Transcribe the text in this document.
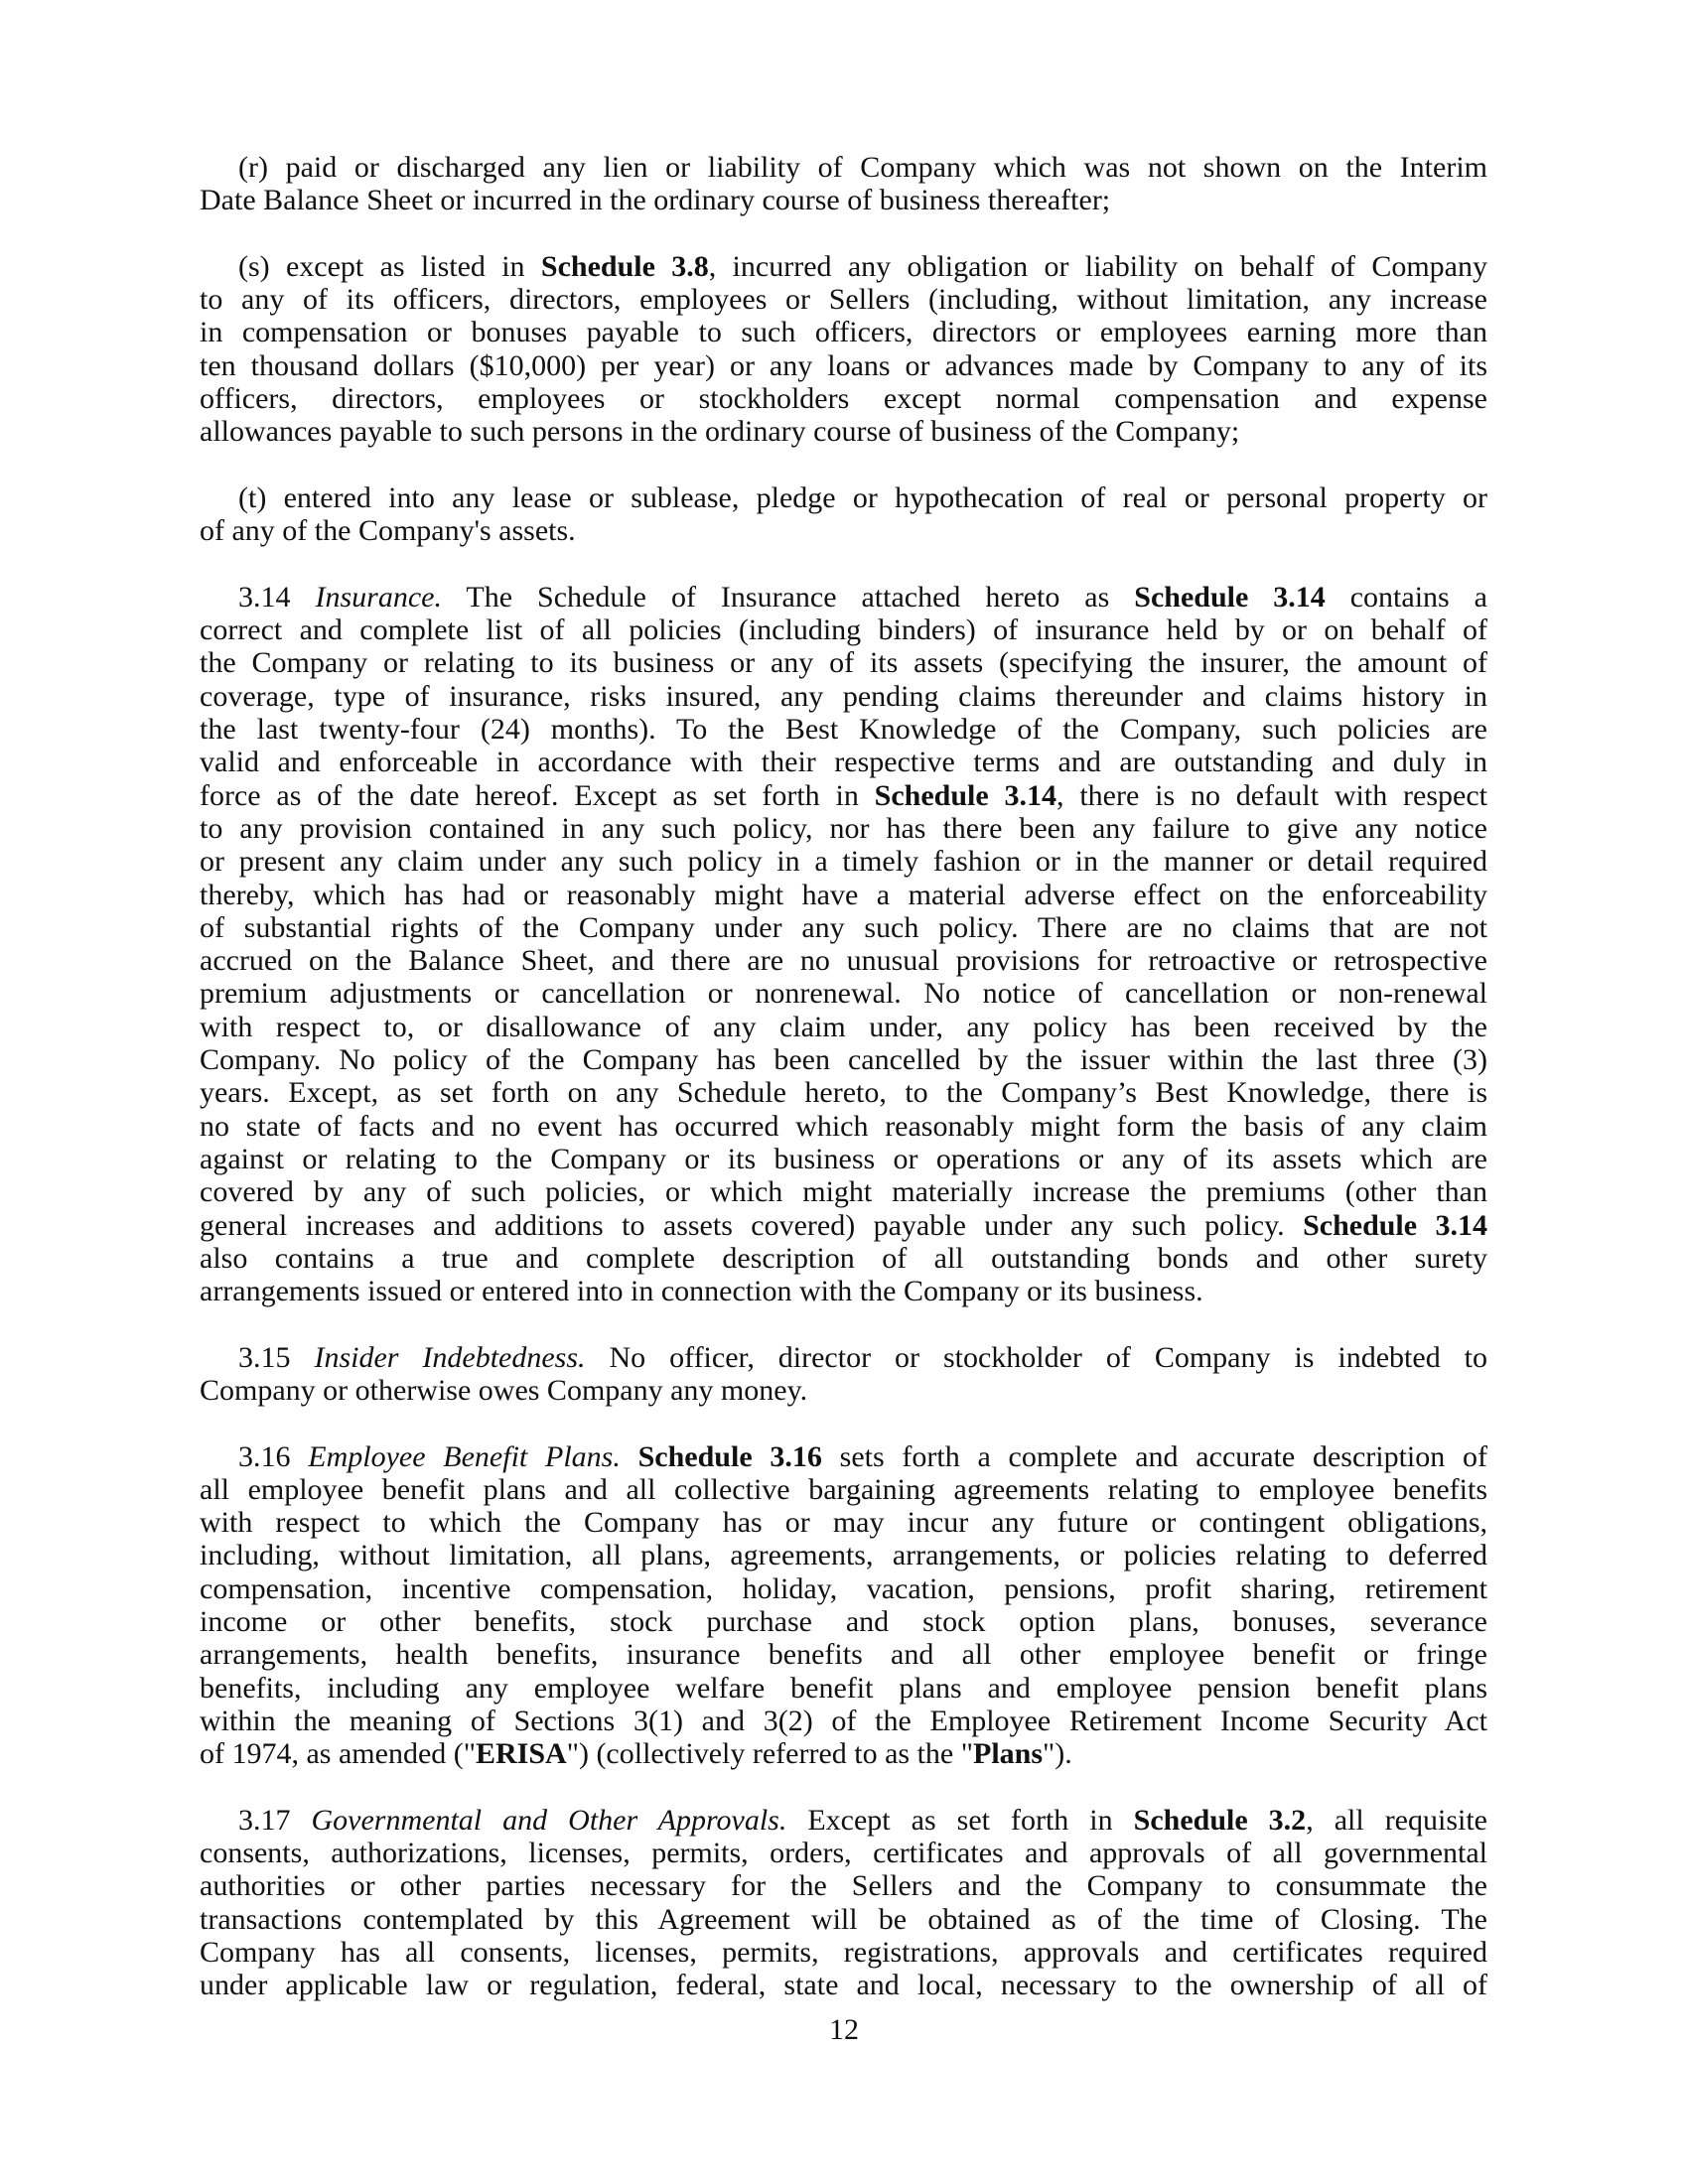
(r) paid or discharged any lien or liability of Company which was not shown on the Interim
Date Balance Sheet or incurred in the ordinary course of business thereafter;
(s) except as listed in Schedule 3.8, incurred any obligation or liability on behalf of Company
to any of its officers, directors, employees or Sellers (including, without limitation, any increase
in compensation or bonuses payable to such officers, directors or employees earning more than
ten thousand dollars ($10,000) per year) or any loans or advances made by Company to any of its
officers, directors, employees or stockholders except normal compensation and expense
allowances payable to such persons in the ordinary course of business of the Company;
(t) entered into any lease or sublease, pledge or hypothecation of real or personal property or
of any of the Company's assets.
3.14 Insurance. The Schedule of Insurance attached hereto as Schedule 3.14 contains a
correct and complete list of all policies (including binders) of insurance held by or on behalf of
the Company or relating to its business or any of its assets (specifying the insurer, the amount of
coverage, type of insurance, risks insured, any pending claims thereunder and claims history in
the last twenty-four (24) months). To the Best Knowledge of the Company, such policies are
valid and enforceable in accordance with their respective terms and are outstanding and duly in
force as of the date hereof. Except as set forth in Schedule 3.14, there is no default with respect
to any provision contained in any such policy, nor has there been any failure to give any notice
or present any claim under any such policy in a timely fashion or in the manner or detail required
thereby, which has had or reasonably might have a material adverse effect on the enforceability
of substantial rights of the Company under any such policy. There are no claims that are not
accrued on the Balance Sheet, and there are no unusual provisions for retroactive or retrospective
premium adjustments or cancellation or nonrenewal. No notice of cancellation or non-renewal
with respect to, or disallowance of any claim under, any policy has been received by the
Company. No policy of the Company has been cancelled by the issuer within the last three (3)
years. Except, as set forth on any Schedule hereto, to the Company’s Best Knowledge, there is
no state of facts and no event has occurred which reasonably might form the basis of any claim
against or relating to the Company or its business or operations or any of its assets which are
covered by any of such policies, or which might materially increase the premiums (other than
general increases and additions to assets covered) payable under any such policy. Schedule 3.14
also contains a true and complete description of all outstanding bonds and other surety
arrangements issued or entered into in connection with the Company or its business.
3.15 Insider Indebtedness. No officer, director or stockholder of Company is indebted to
Company or otherwise owes Company any money.
3.16 Employee Benefit Plans. Schedule 3.16 sets forth a complete and accurate description of
all employee benefit plans and all collective bargaining agreements relating to employee benefits
with respect to which the Company has or may incur any future or contingent obligations,
including, without limitation, all plans, agreements, arrangements, or policies relating to deferred
compensation, incentive compensation, holiday, vacation, pensions, profit sharing, retirement
income or other benefits, stock purchase and stock option plans, bonuses, severance
arrangements, health benefits, insurance benefits and all other employee benefit or fringe
benefits, including any employee welfare benefit plans and employee pension benefit plans
within the meaning of Sections 3(1) and 3(2) of the Employee Retirement Income Security Act
of 1974, as amended ("ERISA") (collectively referred to as the "Plans").
3.17 Governmental and Other Approvals. Except as set forth in Schedule 3.2, all requisite
consents, authorizations, licenses, permits, orders, certificates and approvals of all governmental
authorities or other parties necessary for the Sellers and the Company to consummate the
transactions contemplated by this Agreement will be obtained as of the time of Closing. The
Company has all consents, licenses, permits, registrations, approvals and certificates required
under applicable law or regulation, federal, state and local, necessary to the ownership of all of
12
